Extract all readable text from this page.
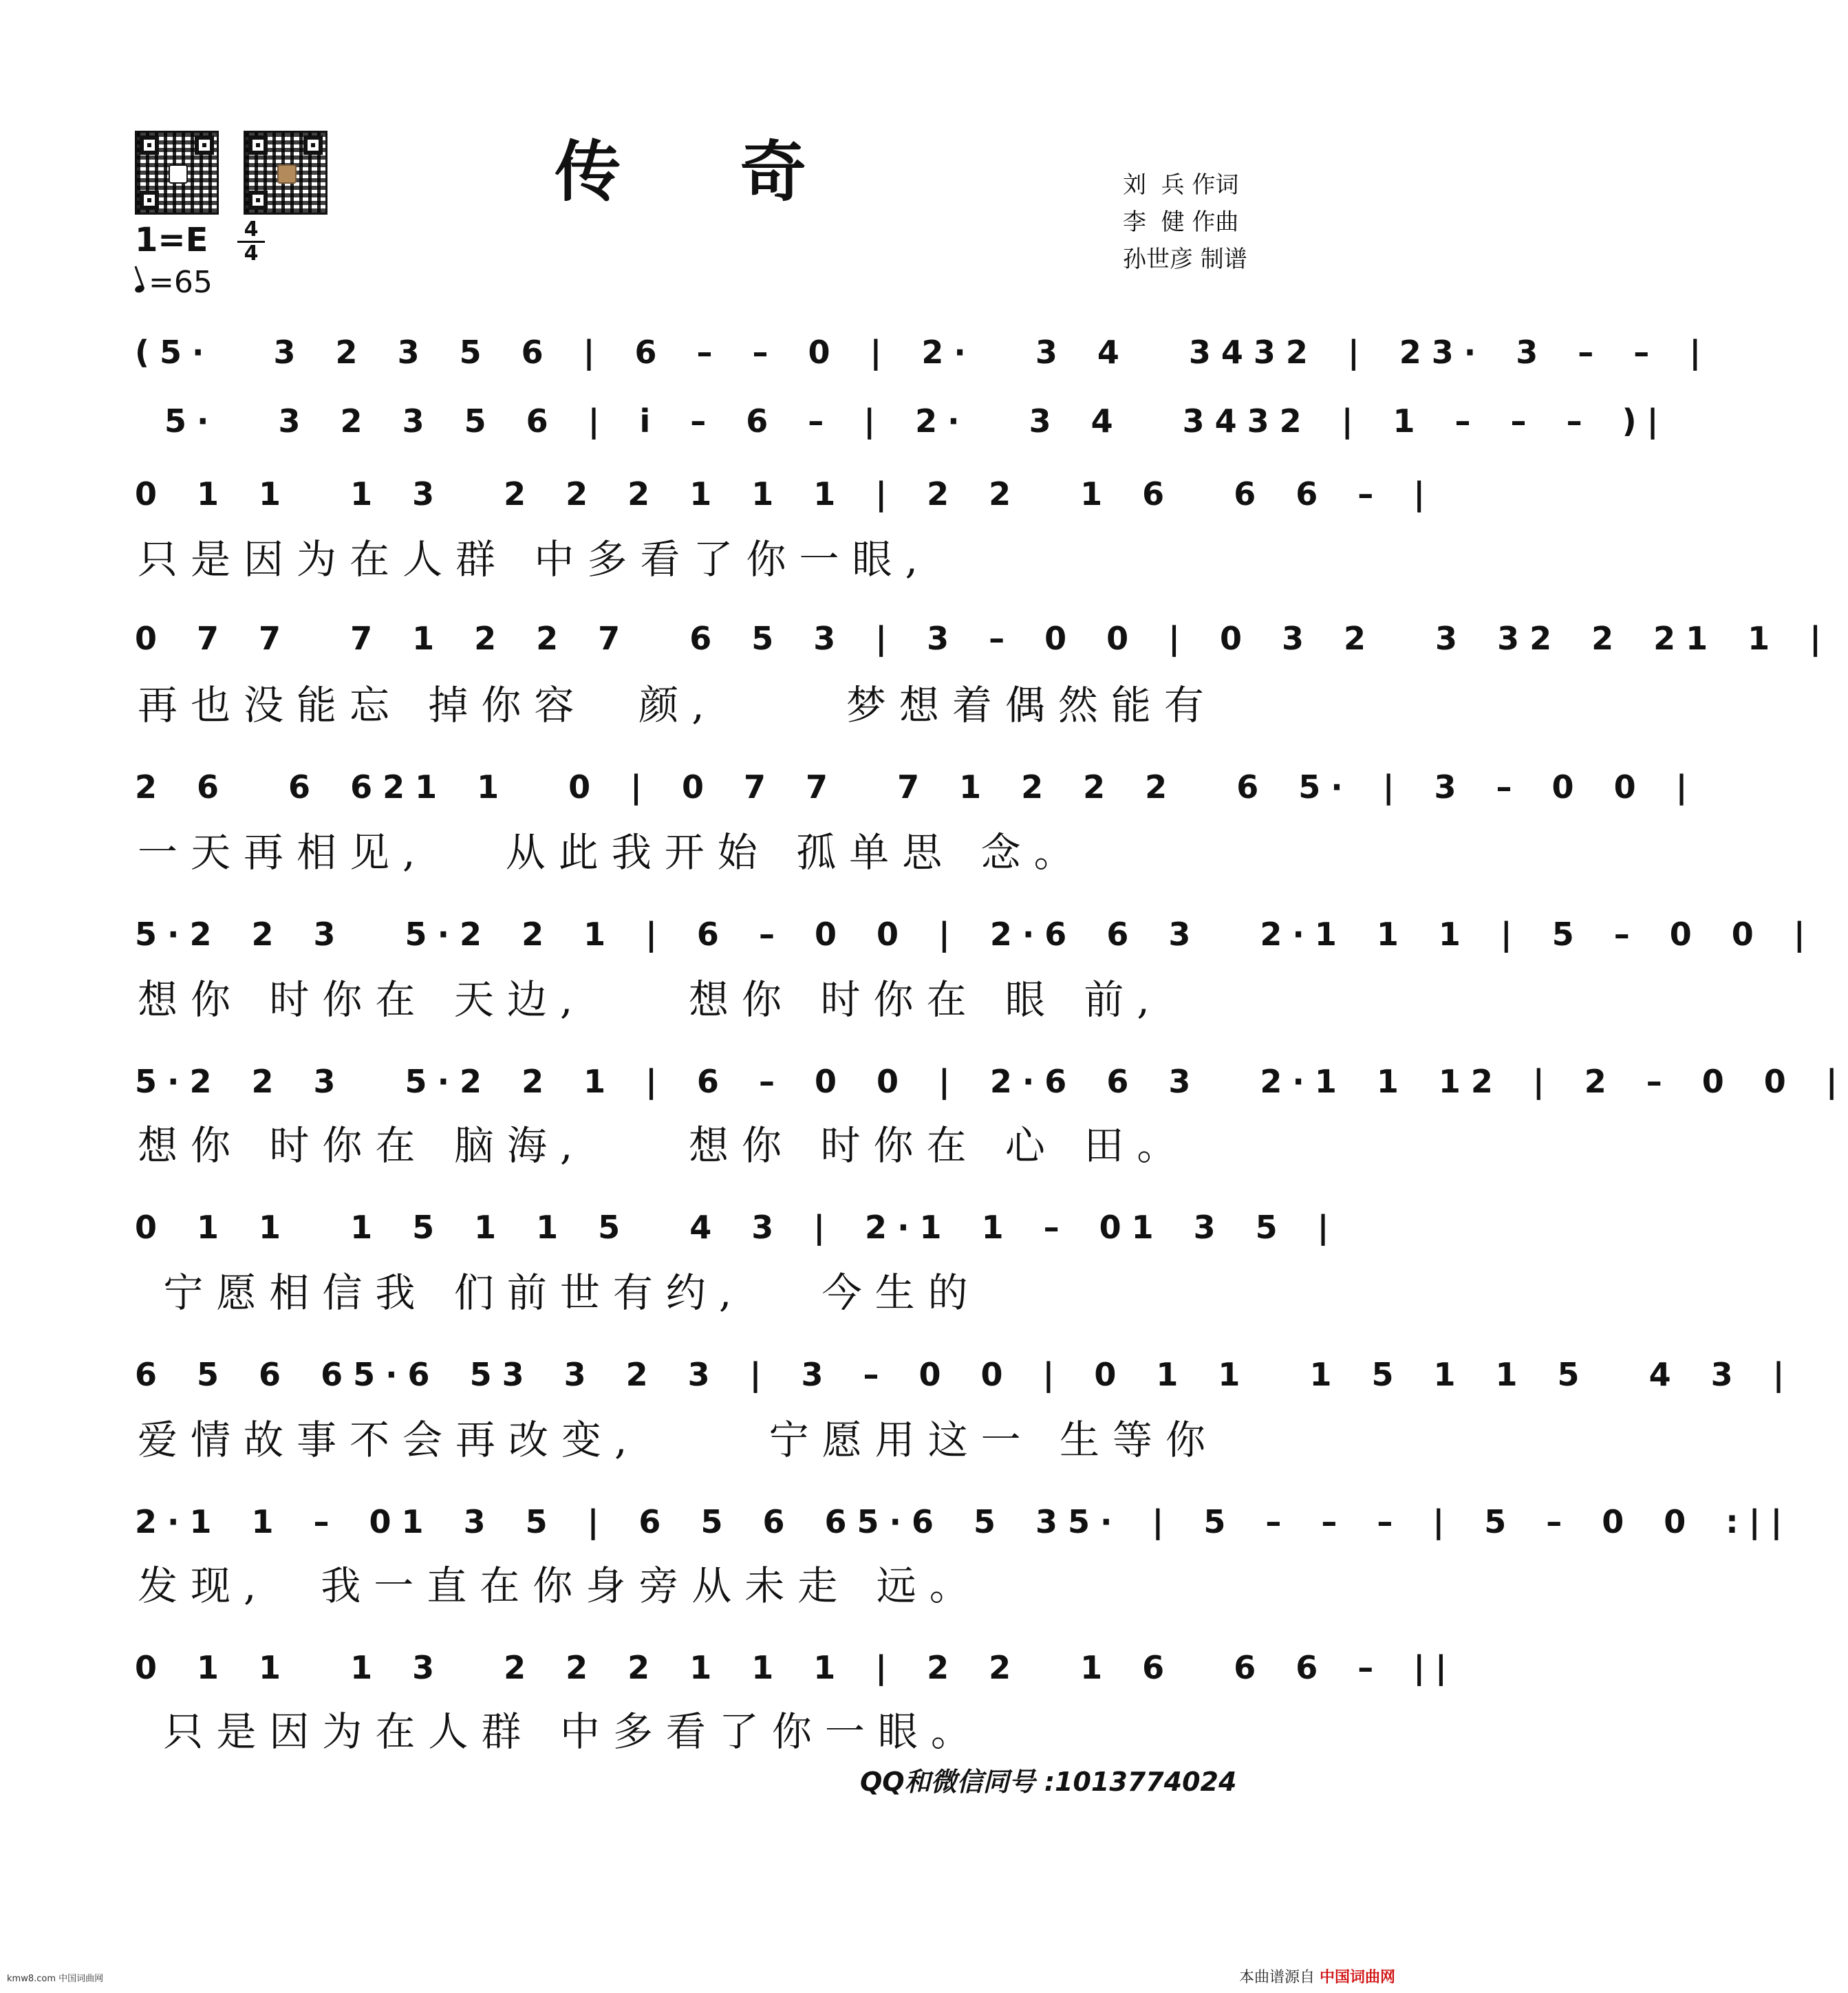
传 奇	刘  兵 作词
李  健 作曲
孙世彦 制谱
$1=E \frac{4}{4}$
=65
(5·  3 2 3 5 6 | 6 – – 0 | 2·  3 4  3432 | 23· 3 – – |
5·  3 2 3 5 6 | i – 6 – | 2·  3 4  3432 | 1 – – – )|
0 1 1  1 3  2 2 2 1 1 1 | 2 2  1 6  6 6 – |
只是因为在人群 中多看了你一眼,
0 7 7  7 1 2 2 7  6 5 3 | 3 – 0 0 | 0 3 2  3 32 2 21 1 |
再也没能忘 掉你容  颜,     梦想着偶然能有
2 6  6 621 1  0 | 0 7 7  7 1 2 2 2  6 5· | 3 – 0 0 |
一天再相见,   从此我开始 孤单思 念。
5·2 2 3  5·2 2 1 | 6 – 0 0 | 2·6 6 3  2·1 1 1 | 5 – 0 0 |
想你 时你在 天边,    想你 时你在 眼 前,
5·2 2 3  5·2 2 1 | 6 – 0 0 | 2·6 6 3  2·1 1 12 | 2 – 0 0 |
想你 时你在 脑海,    想你 时你在 心 田。
0 1 1  1 5 1 1 5  4 3 | 2·1 1 – 01 3 5 |
宁愿相信我 们前世有约,   今生的
6 5 6 65·6 53 3 2 3 | 3 – 0 0 | 0 1 1  1 5 1 1 5  4 3 |
爱情故事不会再改变,     宁愿用这一 生等你
2·1 1 – 01 3 5 | 6 5 6 65·6 5 35· | 5 – – – | 5 – 0 0 :||
发现,  我一直在你身旁从未走 远。
0 1 1  1 3  2 2 2 1 1 1 | 2 2  1 6  6 6 – ||
只是因为在人群 中多看了你一眼。
QQ和微信同号 :1013774024
kmw8.com 中国词曲网	本曲谱源自 中国词曲网
